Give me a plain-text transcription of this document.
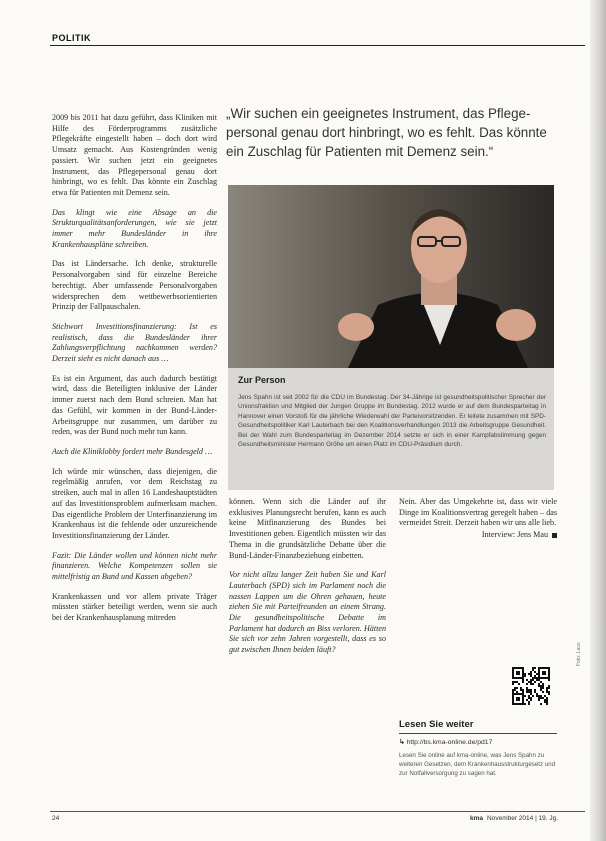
POLITIK

2009 bis 2011 hat dazu geführt, dass Kliniken mit Hilfe des Förderprogramms zusätzliche Pflegekräfte eingestellt haben – doch dort wird Umsatz gemacht. Aus Kostengründen wenig passiert. Wir suchen jetzt ein geeignetes Instrument, das Pflegepersonal genau dort hinbringt, wo es fehlt. Das könnte ein Zuschlag etwa für Patienten mit Demenz sein.

Das klingt wie eine Absage an die Strukturqualitätsanforderungen, wie sie jetzt immer mehr Bundesländer in ihre Krankenhauspläne schreiben.

Das ist Ländersache. Ich denke, strukturelle Personalvorgaben sind für einzelne Bereiche berechtigt. Aber umfassende Personalvorgaben widersprechen dem wettbewerbsorientierten Prinzip der Fallpauschalen.

Stichwort Investitionsfinanzierung: Ist es realistisch, dass die Bundesländer ihrer Zahlungsverpflichtung nachkommen werden? Derzeit sieht es nicht danach aus …

Es ist ein Argument, das auch dadurch bestätigt wird, dass die Beteiligten inklusive der Länder immer zuerst nach dem Bund schreien. Man hat das Gefühl, wir kommen in der Bund-Länder-Arbeitsgruppe nur zusammen, um darüber zu reden, was der Bund noch mehr tun kann.

Auch die Kliniklobby fordert mehr Bundesgeld …

Ich würde mir wünschen, dass diejenigen, die regelmäßig anrufen, vor dem Reichstag zu streiken, auch mal in allen 16 Landeshauptstädten auf das Investitionsproblem aufmerksam machen. Das eigentliche Problem der Unterfinanzierung im Krankenhaus ist die fehlende oder unzureichende Investitionsfinanzierung der Länder.

Fazit: Die Länder wollen und können nicht mehr finanzieren. Welche Kompetenzen sollen sie mittelfristig an Bund und Kassen abgeben?

Krankenkassen und vor allem private Träger müssten stärker beteiligt werden, wenn sie auch bei der Krankenhausplanung mitreden

„Wir suchen ein geeignetes Instrument, das Pflegepersonal genau dort hinbringt, wo es fehlt. Das könnte ein Zuschlag für Patienten mit Demenz sein.“
Zur Person
Jens Spahn ist seit 2002 für die CDU im Bundestag. Der 34-Jährige ist gesundheitspolitischer Sprecher der Unionsfraktion und Mitglied der Jungen Gruppe im Bundestag. 2012 wurde er auf dem Bundesparteitag in Hannover einen Vorstoß für die jährliche Wiederwahl der Parteivorsitzenden. Er leitete zusammen mit SPD-Gesundheitspolitiker Karl Lauterbach bei den Koalitionsverhandlungen 2013 die Arbeitsgruppe Gesundheit. Bei der Wahl zum Bundesparteitag im Dezember 2014 setzte er sich in einer Kampfabstimmung gegen Gesundheitsminister Hermann Gröhe um einen Platz im CDU-Präsidium durch.

können. Wenn sich die Länder auf ihr exklusives Planungsrecht berufen, kann es auch keine Mitfinanzierung des Bundes bei Investitionen geben. Eigentlich müssten wir das Thema in die grundsätzliche Debatte über die Bund-Länder-Finanzbeziehung einbetten.

Vor nicht allzu langer Zeit haben Sie und Karl Lauterbach (SPD) sich im Parlament noch die nassen Lappen um die Ohren gehauen, heute ziehen Sie mit Parteifreunden an einem Strang. Die gesundheitspolitische Debatte im Parlament hat dadurch an Biss verloren. Hätten Sie sich vor zehn Jahren vorgestellt, dass es so gut zwischen Ihnen beiden läuft?

Nein. Aber das Umgekehrte ist, dass wir viele Dinge im Koalitionsvertrag geregelt haben – das vermeidet Streit. Derzeit haben wir uns alle lieb.

Interview: Jens Mau
Foto: Laux
Lesen Sie weiter
↳ http://bs.kma-online.de/pd17
Lesen Sie online auf kma-online, was Jens Spahn zu weiteren Gesetzen, dem Krankenhausstrukturgesetz und zur Notfallversorgung zu sagen hat.
24	kma November 2014 | 19. Jg.
